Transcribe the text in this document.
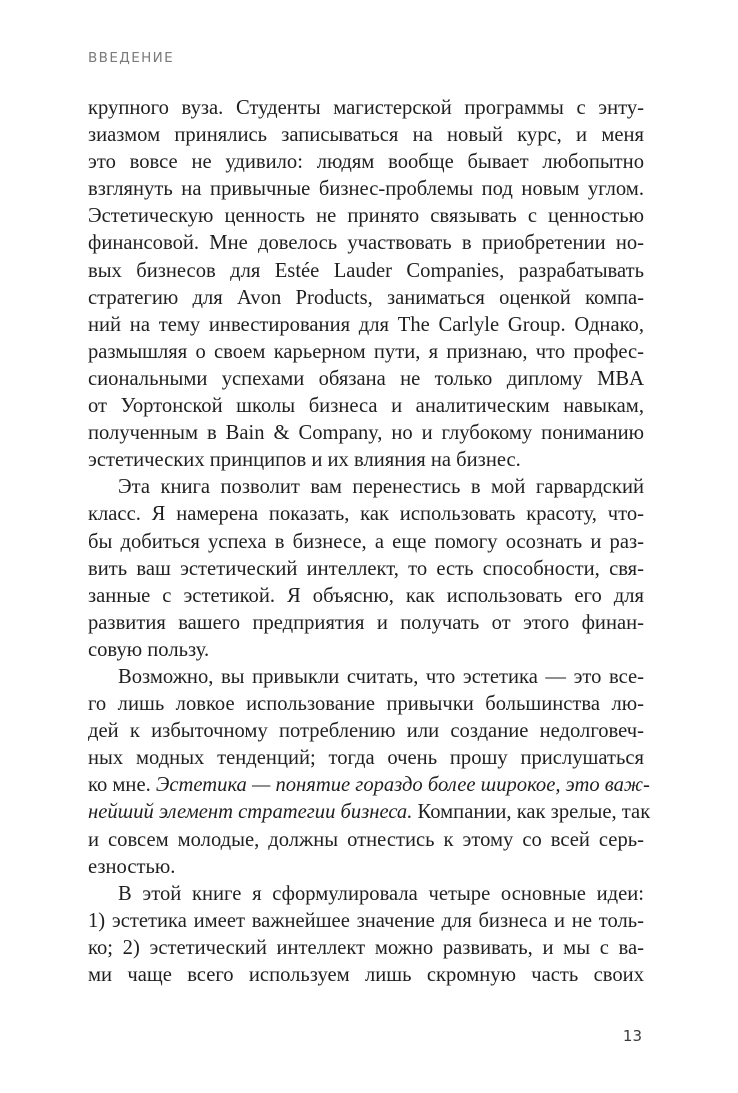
ВВЕДЕНИЕ
крупного вуза. Студенты магистерской программы с энту-
зиазмом принялись записываться на новый курс, и меня
это вовсе не удивило: людям вообще бывает любопытно
взглянуть на привычные бизнес-проблемы под новым углом.
Эстетическую ценность не принято связывать с ценностью
финансовой. Мне довелось участвовать в приобретении но-
вых бизнесов для Estée Lauder Companies, разрабатывать
стратегию для Avon Products, заниматься оценкой компа-
ний на тему инвестирования для The Carlyle Group. Однако,
размышляя о своем карьерном пути, я признаю, что профес-
сиональными успехами обязана не только диплому MBA
от Уортонской школы бизнеса и аналитическим навыкам,
полученным в Bain & Company, но и глубокому пониманию
эстетических принципов и их влияния на бизнес.
Эта книга позволит вам перенестись в мой гарвардский
класс. Я намерена показать, как использовать красоту, что-
бы добиться успеха в бизнесе, а еще помогу осознать и раз-
вить ваш эстетический интеллект, то есть способности, свя-
занные с эстетикой. Я объясню, как использовать его для
развития вашего предприятия и получать от этого финан-
совую пользу.
Возможно, вы привыкли считать, что эстетика — это все-
го лишь ловкое использование привычки большинства лю-
дей к избыточному потреблению или создание недолговеч-
ных модных тенденций; тогда очень прошу прислушаться
ко мне. Эстетика — понятие гораздо более широкое, это важ-
нейший элемент стратегии бизнеса. Компании, как зрелые, так
и совсем молодые, должны отнестись к этому со всей серь-
езностью.
В этой книге я сформулировала четыре основные идеи:
1) эстетика имеет важнейшее значение для бизнеса и не толь-
ко; 2) эстетический интеллект можно развивать, и мы с ва-
ми чаще всего используем лишь скромную часть своих
13
